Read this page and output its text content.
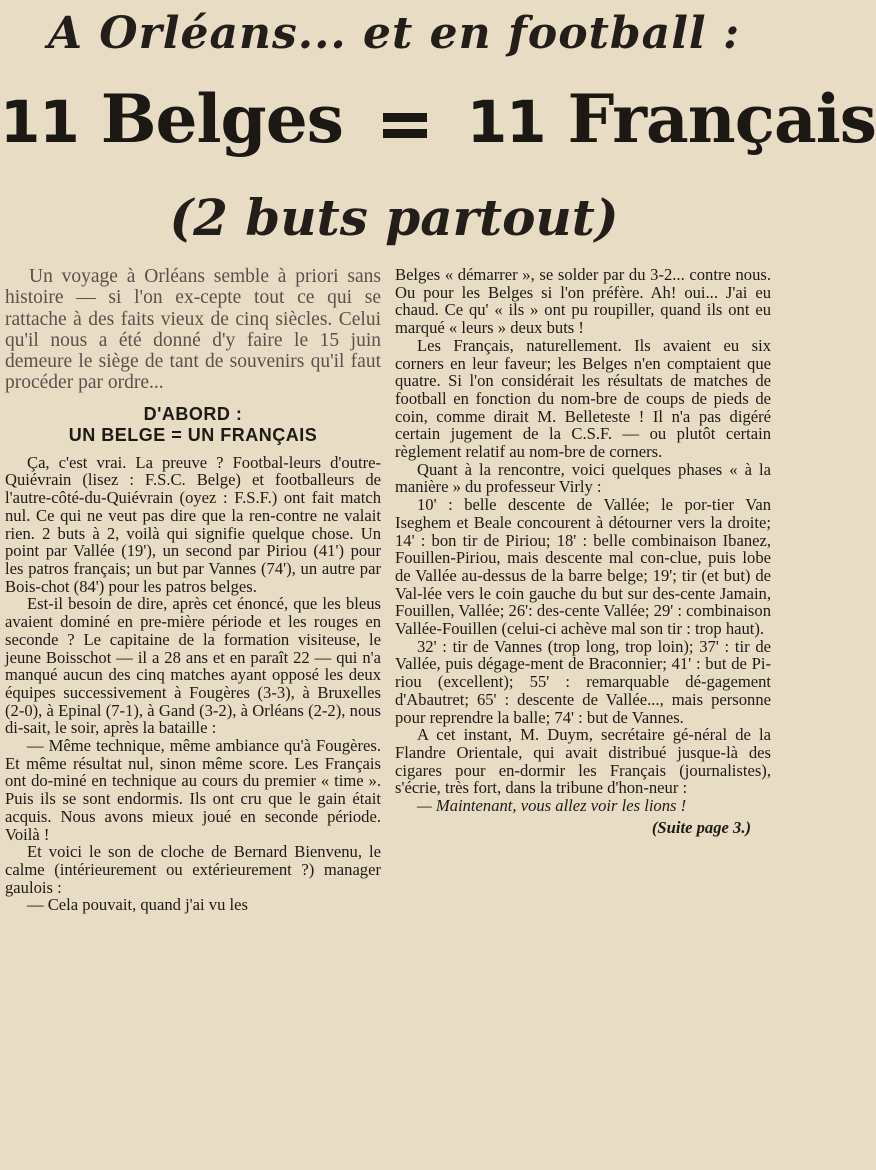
A Orléans... et en football :
11 Belges 11 Français
(2 buts partout)

Un voyage à Orléans semble à priori sans histoire — si l'on ex-cepte tout ce qui se rattache à des faits vieux de cinq siècles. Celui qu'il nous a été donné d'y faire le 15 juin demeure le siège de tant de souvenirs qu'il faut procéder par ordre...

D'ABORD :
UN BELGE = UN FRANÇAIS

Ça, c'est vrai. La preuve ? Footbal-leurs d'outre-Quiévrain (lisez : F.S.C. Belge) et footballeurs de l'autre-côté-du-Quiévrain (oyez : F.S.F.) ont fait match nul. Ce qui ne veut pas dire que la ren-contre ne valait rien. 2 buts à 2, voilà qui signifie quelque chose. Un point par Vallée (19'), un second par Piriou (41') pour les patros français; un but par Vannes (74'), un autre par Bois-chot (84') pour les patros belges.

Est-il besoin de dire, après cet énoncé, que les bleus avaient dominé en pre-mière période et les rouges en seconde ? Le capitaine de la formation visiteuse, le jeune Boisschot — il a 28 ans et en paraît 22 — qui n'a manqué aucun des cinq matches ayant opposé les deux équipes successivement à Fougères (3-3), à Bruxelles (2-0), à Epinal (7-1), à Gand (3-2), à Orléans (2-2), nous di-sait, le soir, après la bataille :

— Même technique, même ambiance qu'à Fougères. Et même résultat nul, sinon même score. Les Français ont do-miné en technique au cours du premier « time ». Puis ils se sont endormis. Ils ont cru que le gain était acquis. Nous avons mieux joué en seconde période. Voilà !

Et voici le son de cloche de Bernard Bienvenu, le calme (intérieurement ou extérieurement ?) manager gaulois :

— Cela pouvait, quand j'ai vu les

Belges « démarrer », se solder par du 3-2... contre nous. Ou pour les Belges si l'on préfère. Ah! oui... J'ai eu chaud. Ce qu' « ils » ont pu roupiller, quand ils ont eu marqué « leurs » deux buts !

Les Français, naturellement. Ils avaient eu six corners en leur faveur; les Belges n'en comptaient que quatre. Si l'on considérait les résultats de matches de football en fonction du nom-bre de coups de pieds de coin, comme dirait M. Belleteste ! Il n'a pas digéré certain jugement de la C.S.F. — ou plutôt certain règlement relatif au nom-bre de corners.

Quant à la rencontre, voici quelques phases « à la manière » du professeur Virly :

10' : belle descente de Vallée; le por-tier Van Iseghem et Beale concourent à détourner vers la droite; 14' : bon tir de Piriou; 18' : belle combinaison Ibanez, Fouillen-Piriou, mais descente mal con-clue, puis lobe de Vallée au-dessus de la barre belge; 19'; tir (et but) de Val-lée vers le coin gauche du but sur des-cente Jamain, Fouillen, Vallée; 26': des-cente Vallée; 29' : combinaison Vallée-Fouillen (celui-ci achève mal son tir : trop haut).

32' : tir de Vannes (trop long, trop loin); 37' : tir de Vallée, puis dégage-ment de Braconnier; 41' : but de Pi-riou (excellent); 55' : remarquable dé-gagement d'Abautret; 65' : descente de Vallée..., mais personne pour reprendre la balle; 74' : but de Vannes.

A cet instant, M. Duym, secrétaire gé-néral de la Flandre Orientale, qui avait distribué jusque-là des cigares pour en-dormir les Français (journalistes), s'écrie, très fort, dans la tribune d'hon-neur :

— Maintenant, vous allez voir les lions !

(Suite page 3.)
